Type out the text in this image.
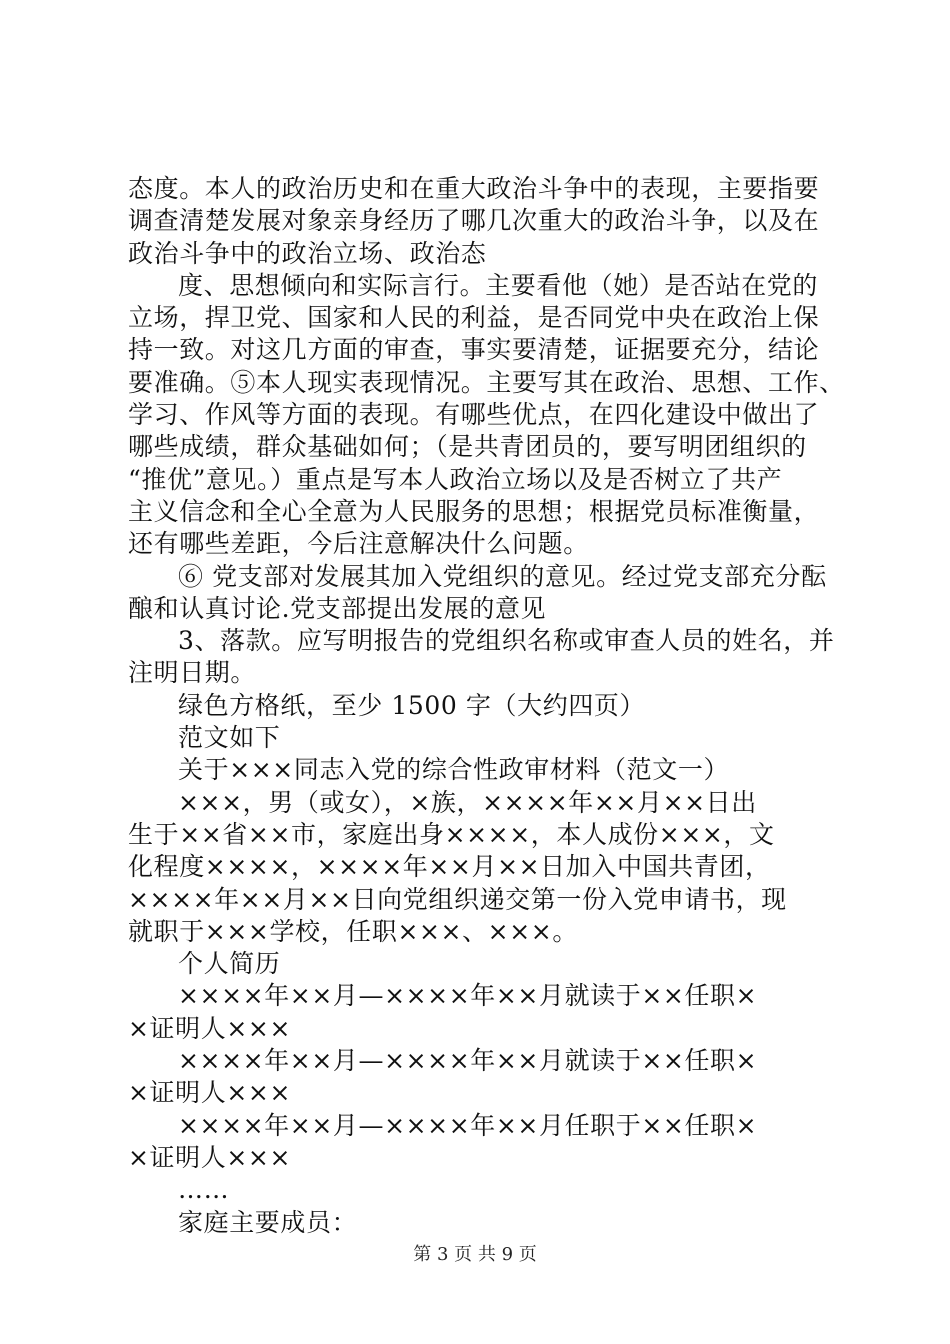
态度。本人的政治历史和在重大政治斗争中的表现，主要指要
调查清楚发展对象亲身经历了哪几次重大的政治斗争，以及在
政治斗争中的政治立场、政治态
度、思想倾向和实际言行。主要看他（她）是否站在党的
立场，捍卫党、国家和人民的利益，是否同党中央在政治上保
持一致。对这几方面的审查，事实要清楚，证据要充分，结论
要准确。⑤本人现实表现情况。主要写其在政治、思想、工作、
学习、作风等方面的表现。有哪些优点，在四化建设中做出了
哪些成绩，群众基础如何；（是共青团员的，要写明团组织的
“推优”意见。）重点是写本人政治立场以及是否树立了共产
主义信念和全心全意为人民服务的思想；根据党员标准衡量，
还有哪些差距，今后注意解决什么问题。
⑥ 党支部对发展其加入党组织的意见。经过党支部充分酝
酿和认真讨论.党支部提出发展的意见
3、落款。应写明报告的党组织名称或审查人员的姓名，并
注明日期。
绿色方格纸，至少 1500 字（大约四页）
范文如下
关于×××同志入党的综合性政审材料（范文一）
×××，男（或女），×族，××××年××月××日出
生于××省××市，家庭出身××××，本人成份×××，文
化程度××××，××××年××月××日加入中国共青团，
××××年××月××日向党组织递交第一份入党申请书，现
就职于×××学校，任职×××、×××。
个人简历
××××年××月—××××年××月就读于××任职×
×证明人×××
××××年××月—××××年××月就读于××任职×
×证明人×××
××××年××月—××××年××月任职于××任职×
×证明人×××
……
家庭主要成员：
第 3 页 共 9 页
